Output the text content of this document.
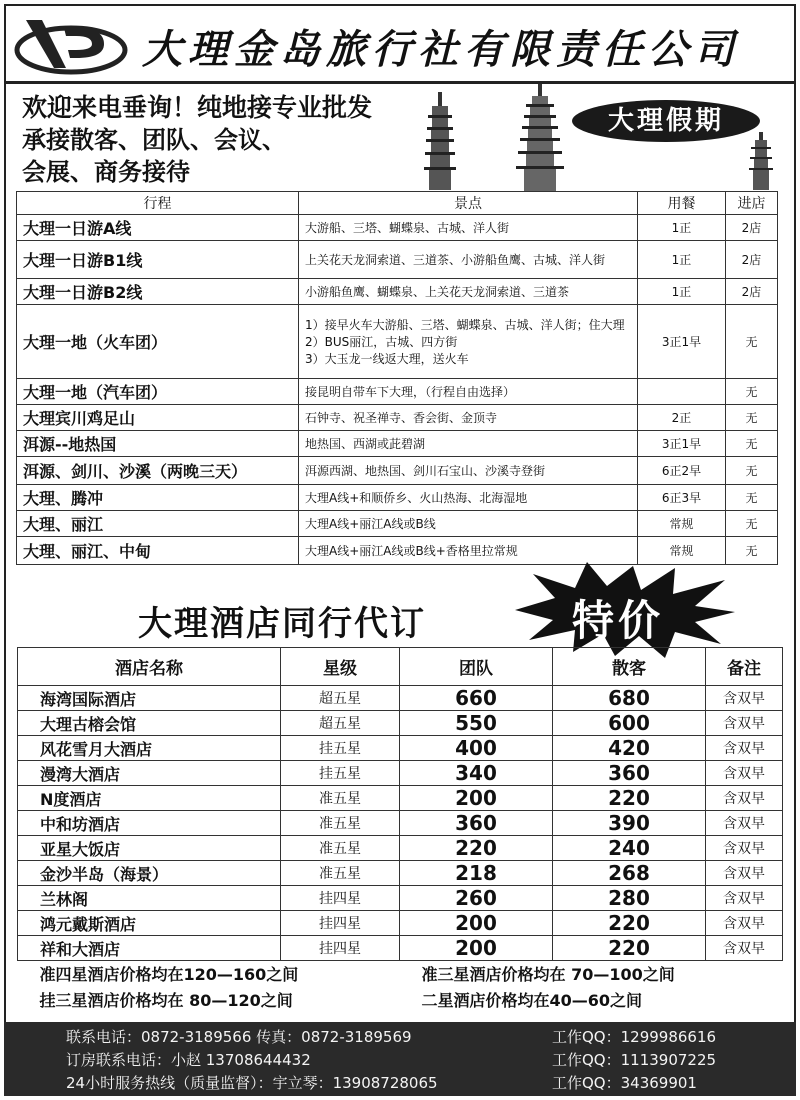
大理金岛旅行社有限责任公司
欢迎来电垂询！纯地接专业批发
承接散客、团队、会议、
会展、商务接待
大理假期
行程	景点	用餐	进店
大理一日游A线	大游船、三塔、蝴蝶泉、古城、洋人街	1正	2店
大理一日游B1线	上关花天龙洞索道、三道茶、小游船鱼鹰、古城、洋人街	1正	2店
大理一日游B2线	小游船鱼鹰、蝴蝶泉、上关花天龙洞索道、三道茶	1正	2店
大理一地（火车团）	1）接早火车大游船、三塔、蝴蝶泉、古城、洋人街；住大理
2）BUS丽江，古城、四方街
3）大玉龙一线返大理，送火车	3正1早	无
大理一地（汽车团）	接昆明自带车下大理，（行程自由选择）		无
大理宾川鸡足山	石钟寺、祝圣禅寺、香会街、金顶寺	2正	无
洱源--地热国	地热国、西湖或茈碧湖	3正1早	无
洱源、剑川、沙溪（两晚三天）	洱源西湖、地热国、剑川石宝山、沙溪寺登街	6正2早	无
大理、腾冲	大理A线+和顺侨乡、火山热海、北海湿地	6正3早	无
大理、丽江	大理A线+丽江A线或B线	常规	无
大理、丽江、中甸	大理A线+丽江A线或B线+香格里拉常规	常规	无
大理酒店同行代订	特价
酒店名称	星级	团队	散客	备注
海湾国际酒店	超五星	660	680	含双早
大理古榕会馆	超五星	550	600	含双早
风花雪月大酒店	挂五星	400	420	含双早
漫湾大酒店	挂五星	340	360	含双早
N度酒店	准五星	200	220	含双早
中和坊酒店	准五星	360	390	含双早
亚星大饭店	准五星	220	240	含双早
金沙半岛（海景）	准五星	218	268	含双早
兰林阁	挂四星	260	280	含双早
鸿元戴斯酒店	挂四星	200	220	含双早
祥和大酒店	挂四星	200	220	含双早
准四星酒店价格均在120—160之间		准三星酒店价格均在 70—100之间		
挂三星酒店价格均在 80—120之间		二星酒店价格均在40—60之间		
联系电话：0872-3189566 传真：0872-3189569
订房联系电话：小赵 13708644432
24小时服务热线（质量监督）：宇立琴：13908728065
工作QQ：1299986616
工作QQ：1113907225
工作QQ：34369901
